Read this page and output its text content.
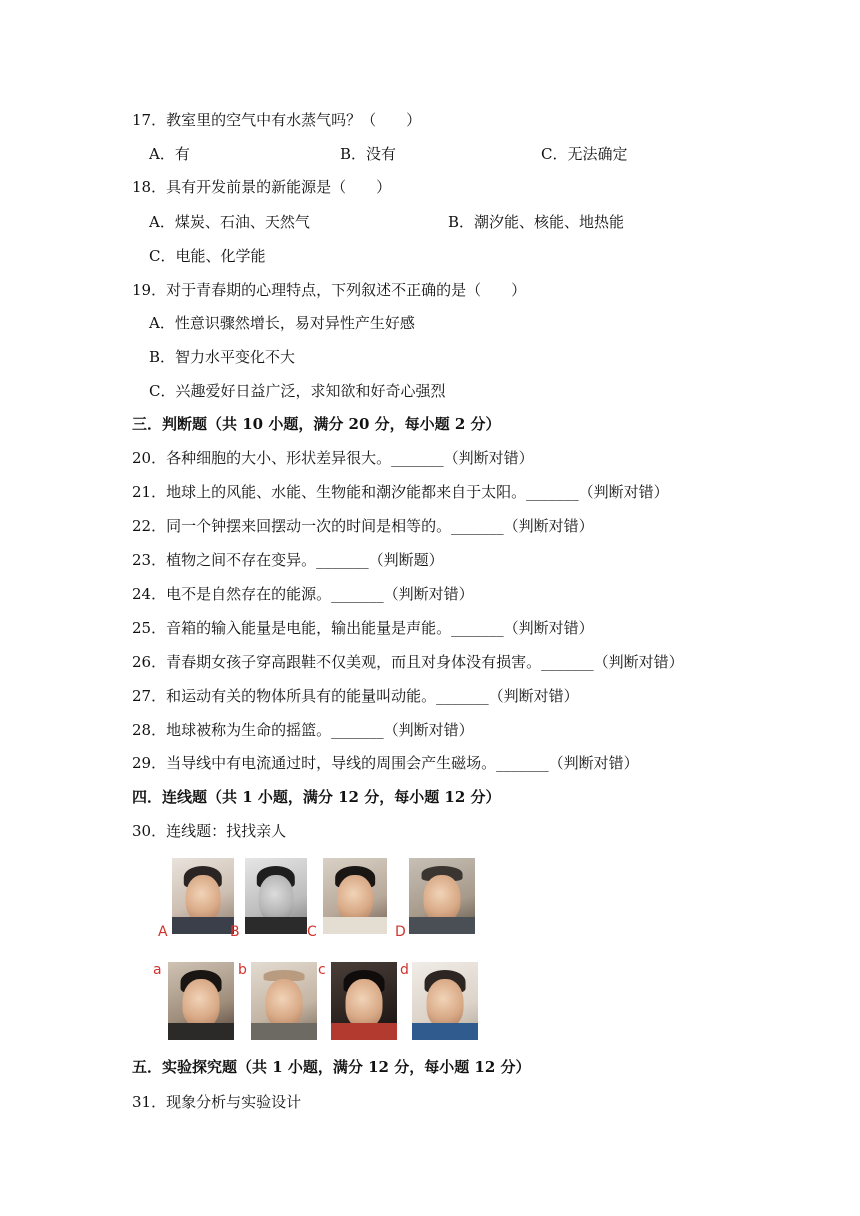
17．教室里的空气中有水蒸气吗？（　　）
A．有	B．没有	C．无法确定
18．具有开发前景的新能源是（　　）
A．煤炭、石油、天然气	B．潮汐能、核能、地热能
C．电能、化学能
19．对于青春期的心理特点，下列叙述不正确的是（　　）
A．性意识骤然增长，易对异性产生好感
B．智力水平变化不大
C．兴趣爱好日益广泛，求知欲和好奇心强烈
三．判断题（共 10 小题，满分 20 分，每小题 2 分）
20．各种细胞的大小、形状差异很大。_______（判断对错）
21．地球上的风能、水能、生物能和潮汐能都来自于太阳。_______（判断对错）
22．同一个钟摆来回摆动一次的时间是相等的。_______（判断对错）
23．植物之间不存在变异。_______（判断题）
24．电不是自然存在的能源。_______（判断对错）
25．音箱的输入能量是电能，输出能量是声能。_______（判断对错）
26．青春期女孩子穿高跟鞋不仅美观，而且对身体没有损害。_______（判断对错）
27．和运动有关的物体所具有的能量叫动能。_______（判断对错）
28．地球被称为生命的摇篮。_______（判断对错）
29．当导线中有电流通过时，导线的周围会产生磁场。_______（判断对错）
四．连线题（共 1 小题，满分 12 分，每小题 12 分）
30．连线题：找找亲人
A	B	C	D
a	b	c	d
五．实验探究题（共 1 小题，满分 12 分，每小题 12 分）
31．现象分析与实验设计
